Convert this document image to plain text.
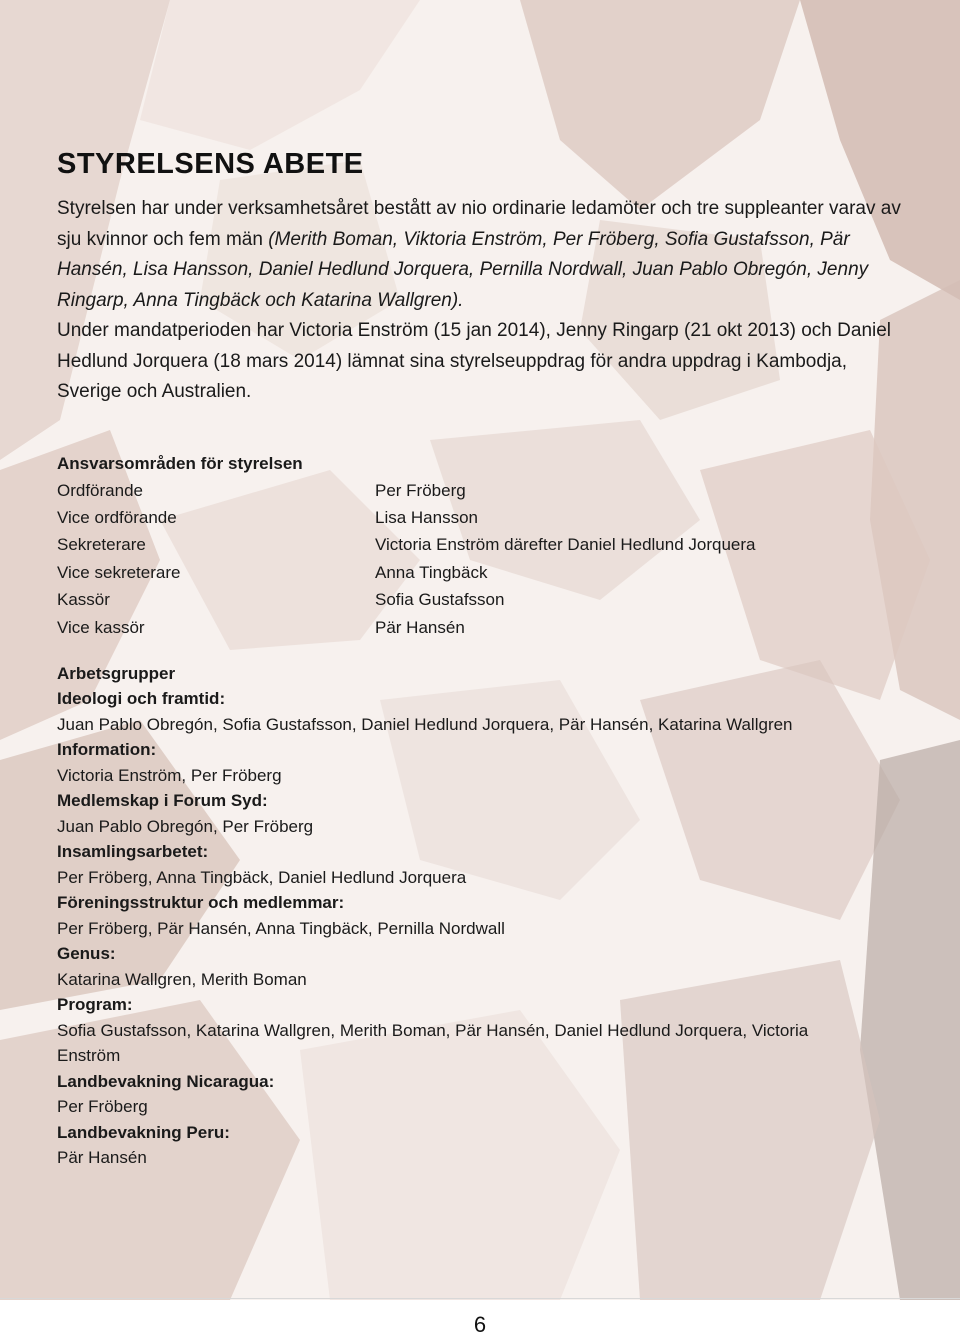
STYRELSENS ABETE

Styrelsen har under verksamhetsåret bestått av nio ordinarie ledamöter och tre suppleanter varav av sju kvinnor och fem män (Merith Boman, Viktoria Enström, Per Fröberg, Sofia Gustafsson, Pär Hansén, Lisa Hansson, Daniel Hedlund Jorquera, Pernilla Nordwall, Juan Pablo Obregón, Jenny Ringarp, Anna Tingbäck och Katarina Wallgren).

Under mandatperioden har Victoria Enström (15 jan 2014), Jenny Ringarp (21 okt 2013) och Daniel Hedlund Jorquera (18 mars 2014) lämnat sina styrelseuppdrag för andra uppdrag i Kambodja, Sverige och Australien.

Ansvarsområden för styrelsen
Ordförande	Per Fröberg
Vice ordförande	Lisa Hansson
Sekreterare	Victoria Enström därefter Daniel Hedlund Jorquera
Vice sekreterare	Anna Tingbäck
Kassör	Sofia Gustafsson
Vice kassör	Pär Hansén
Arbetsgrupper
Ideologi och framtid:
Juan Pablo Obregón, Sofia Gustafsson, Daniel Hedlund Jorquera, Pär Hansén, Katarina Wallgren
Information:
Victoria Enström, Per Fröberg
Medlemskap i Forum Syd:
Juan Pablo Obregón, Per Fröberg
Insamlingsarbetet:
Per Fröberg, Anna Tingbäck, Daniel Hedlund Jorquera
Föreningsstruktur och medlemmar:
Per Fröberg, Pär Hansén, Anna Tingbäck, Pernilla Nordwall
Genus:
Katarina Wallgren, Merith Boman
Program:
Sofia Gustafsson, Katarina Wallgren, Merith Boman, Pär Hansén, Daniel Hedlund Jorquera, Victoria Enström
Landbevakning Nicaragua:
Per Fröberg
Landbevakning Peru:
Pär Hansén
6
